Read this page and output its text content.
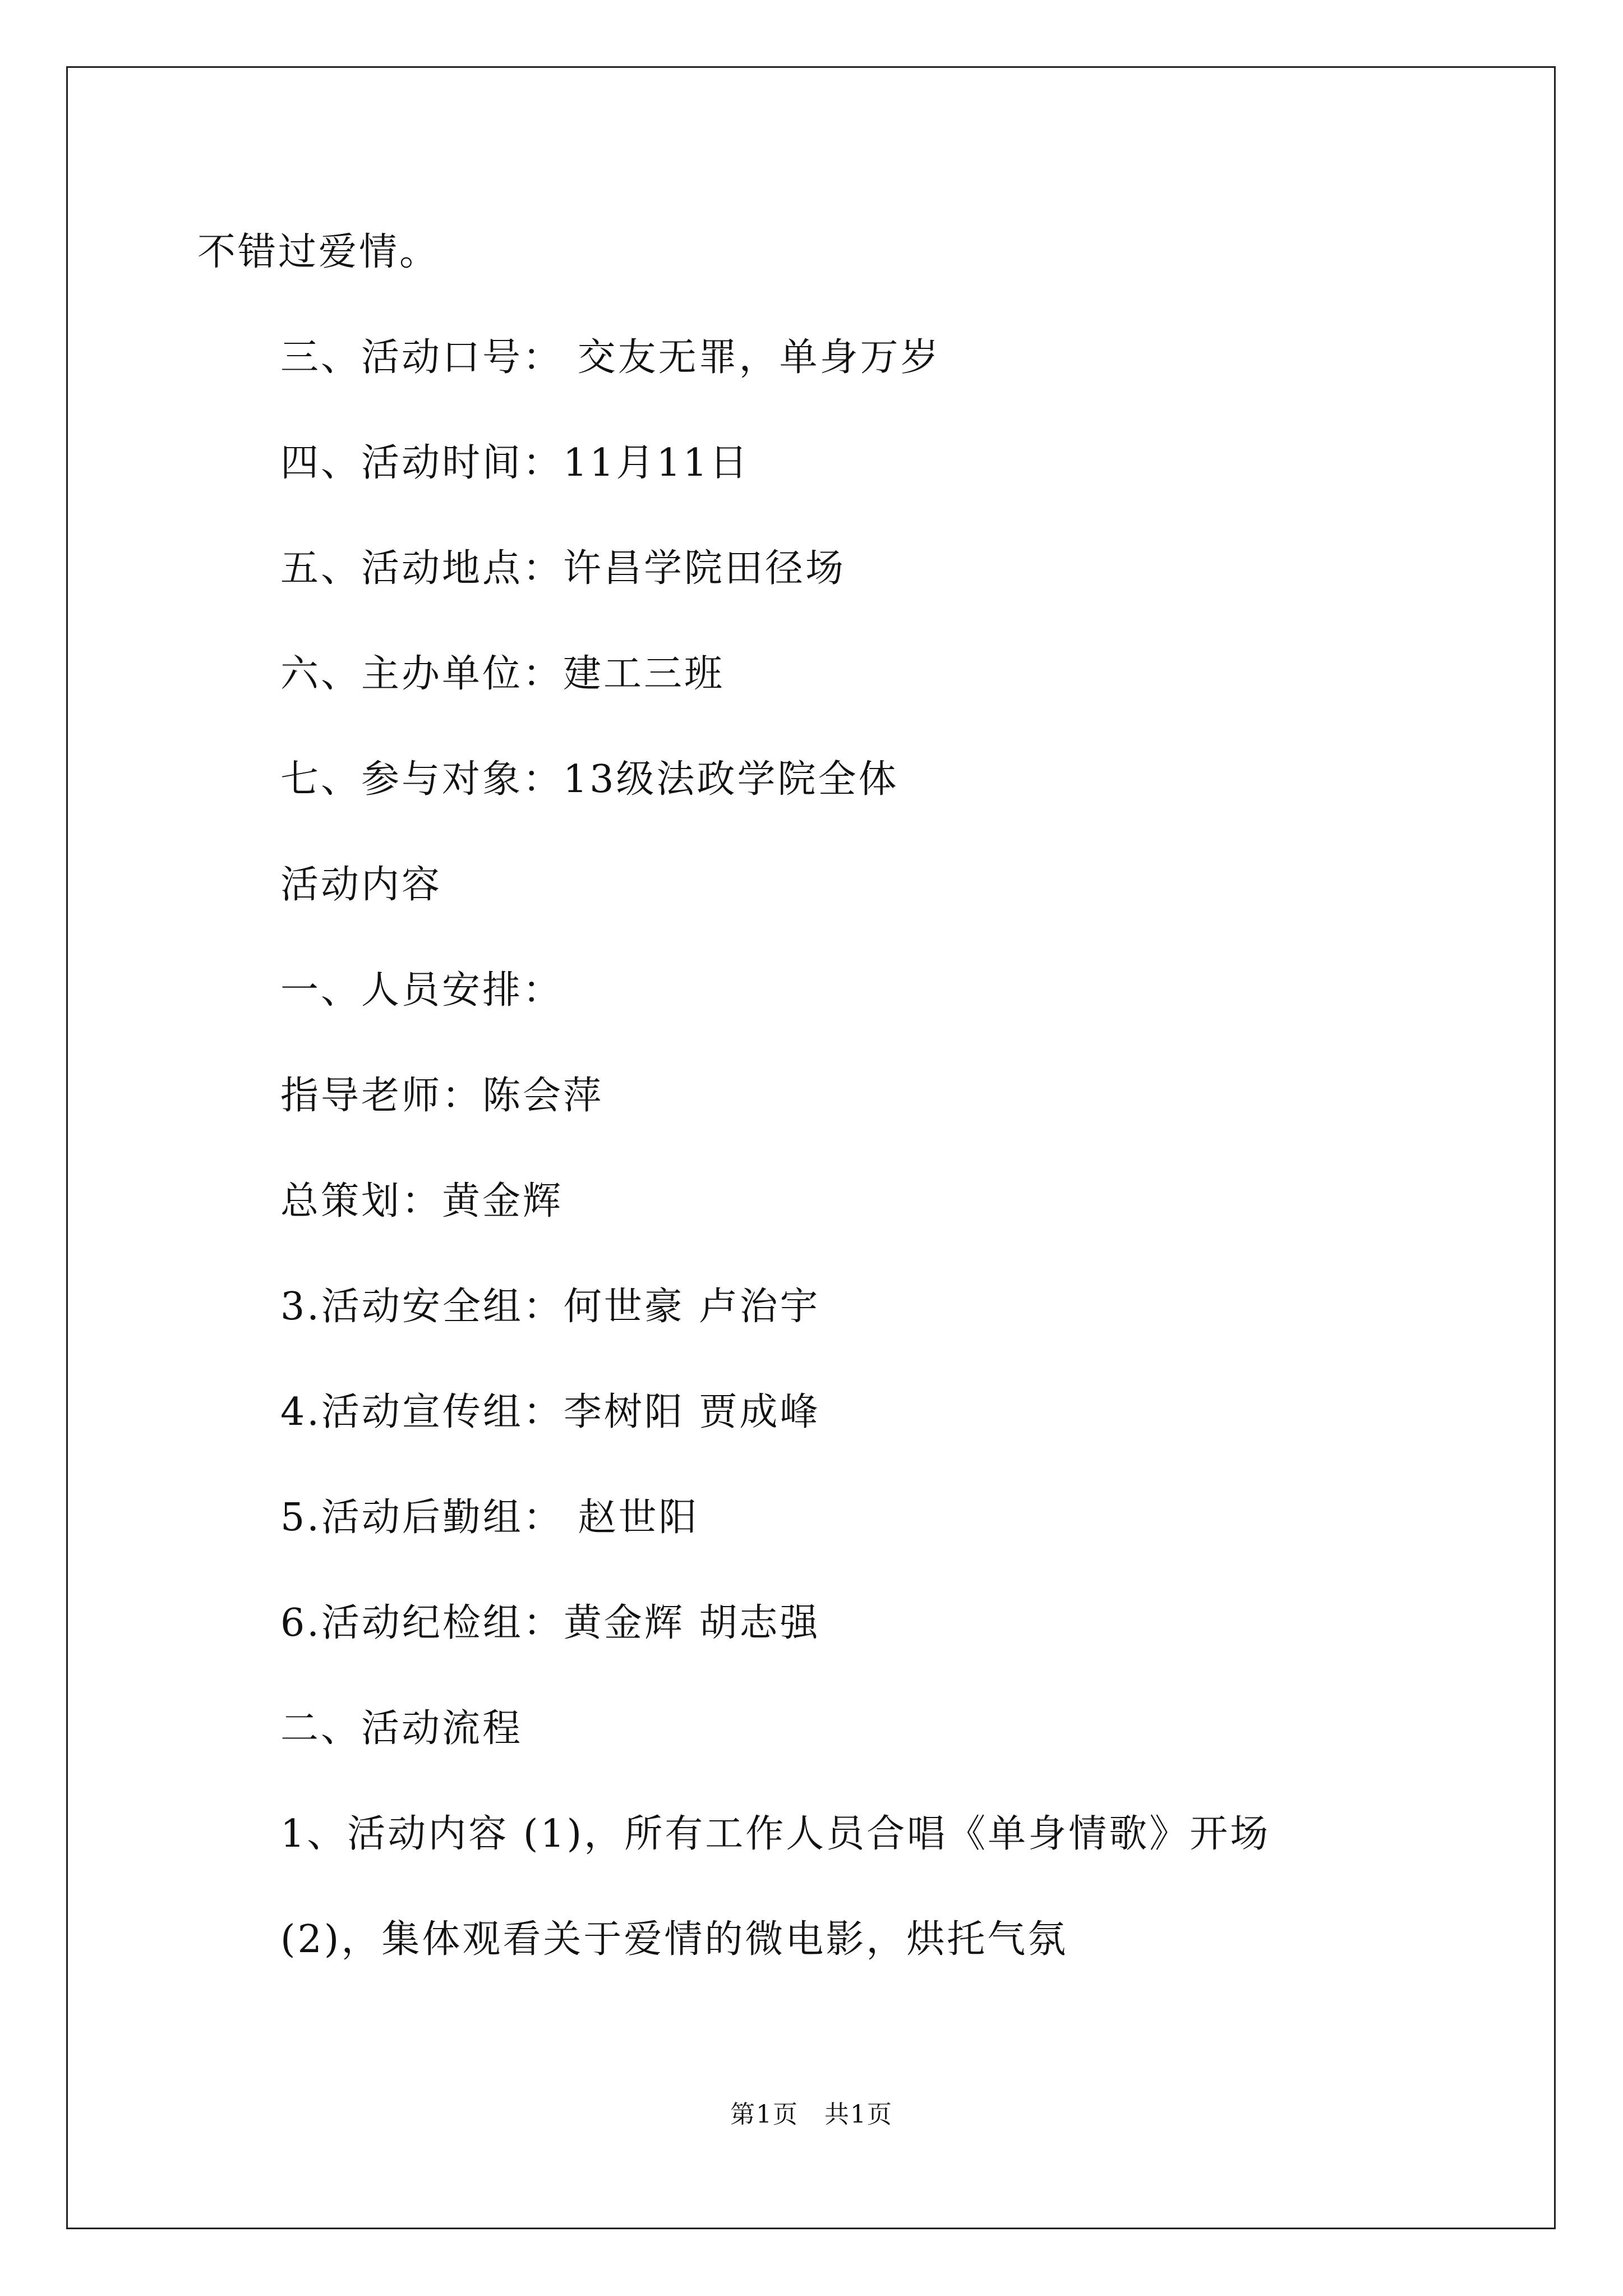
不错过爱情。
三、活动口号： 交友无罪，单身万岁
四、活动时间：11月11日
五、活动地点：许昌学院田径场
六、主办单位：建工三班
七、参与对象：13级法政学院全体
活动内容
一、人员安排：
指导老师：陈会萍
总策划：黄金辉
3.活动安全组：何世豪 卢治宇
4.活动宣传组：李树阳 贾成峰
5.活动后勤组： 赵世阳
6.活动纪检组：黄金辉 胡志强
二、活动流程
1、活动内容 (1)，所有工作人员合唱《单身情歌》开场
(2)，集体观看关于爱情的微电影，烘托气氛
第1页　共1页
